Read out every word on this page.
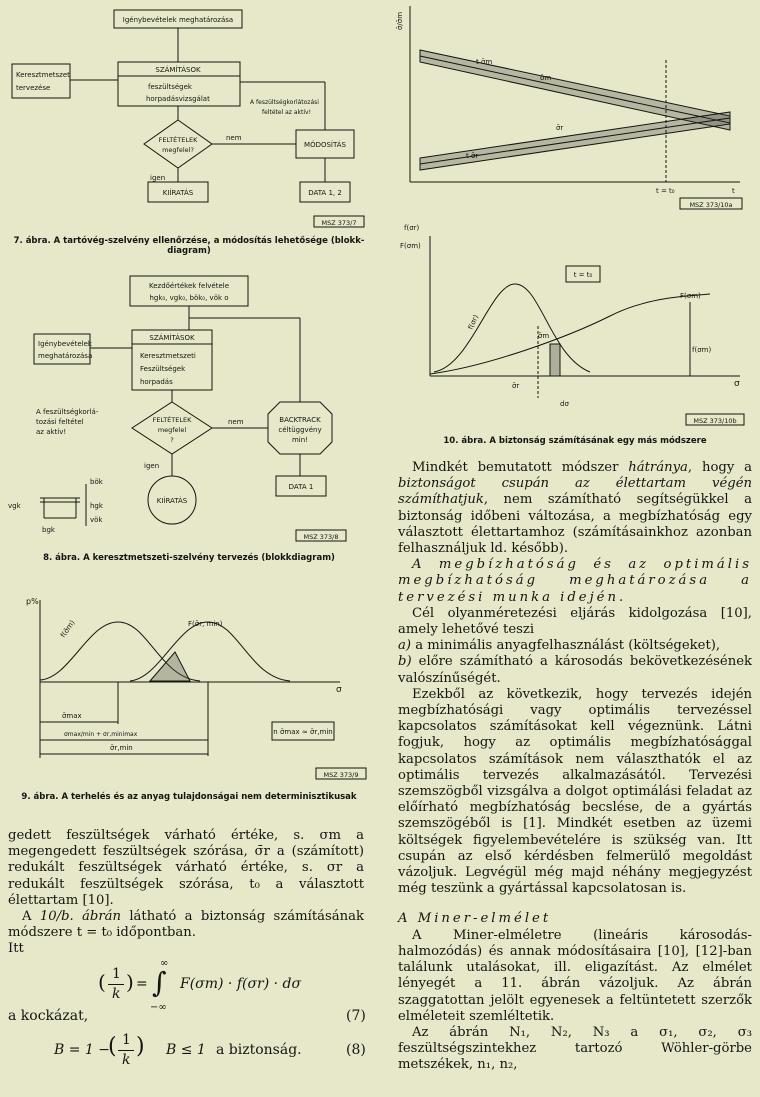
Igénybevételek meghatározása
Keresztmetszet
tervezése
SZÁMÍTÁSOK
feszültségek
horpadásvizsgálat
FELTÉTELEK
megfelel?
nem
MÓDOSÍTÁS
A feszültségkorlátozási
feltétel az aktív!
igen
KIÍRATÁS	DATA 1, 2
MSZ 373/7
7. ábra. A tartóvég-szelvény ellenőrzése, a módosítás lehetősége (blokk-diagram)
Kezdőértékek felvétele
hgk₀, vgk₀, bök₀, vök o
Igénybevételek
meghatározása
SZÁMÍTÁSOK
Keresztmetszeti
Feszültségek
horpadás
FELTÉTELEK
megfelel
?
A feszültségkorlá-
tozási feltétel
az aktív!
nem	BACKTRACK
céltüggvény
min!
DATA 1
igen
KIÍRATÁS
vgk	hgk
vök
bök
bgk
MSZ 373/8
8. ábra. A keresztmetszeti-szelvény tervezés (blokkdiagram)
p%
σ
f(σ̄m)	F(σ̄r, min)
σ̄max
σmax/min + σr,minimax
σ̄r,min
n σ̄max ≈ σ̄r,min
MSZ 373/9
9. ábra. A terhelés és az anyag tulajdonságai nem determinisztikusak
σ̄/σ̄m
t σ̄m
σ̄m
σ̄r
t σ̄r
t = t₀	t
MSZ 373/10a
f(σr)
F(σm)
σ
t = t₀
f(σr)
F(σm)
σ̄m
σ̄r
f(σm)
dσ
MSZ 373/10b
10. ábra. A biztonság számításának egy más módszere

gedett feszültségek várható értéke, s. σm a megengedett feszültségek szórása, σ̄r a (számított) redukált feszültségek várható értéke, s. σr a redukált feszültségek szórása, t₀ a választott élettartam [10].

A 10/b. ábrán látható a biztonság számításának módszere t = t₀ időpontban.

Itt

( 1
k ) =
∞
∫
−∞
F(σm) · f(σr) · dσ
a kockázat,	(7)
B = 1 −
( 1
k
) B ≤ 1 a biztonság.	(8)

Mindkét bemutatott módszer hátránya, hogy a biztonságot csupán az élettartam végén számíthatjuk, nem számítható segítségükkel a biztonság időbeni változása, a megbízhatóság egy választott élettartamhoz (számításainkhoz azonban felhasználjuk ld. később).

A megbízhatóság és az optimális megbízhatóság meghatározása a tervezési munka idején.

Cél olyanméretezési eljárás kidolgozása [10], amely lehetővé teszi

a) a minimális anyagfelhasználást (költségeket),

b) előre számítható a károsodás bekövetkezésének valószínűségét.

Ezekből az következik, hogy tervezés idején megbízhatósági vagy optimális tervezéssel kapcsolatos számításokat kell végeznünk. Látni fogjuk, hogy az optimális megbízhatósággal kapcsolatos számítások nem választhatók el az optimális tervezés alkalmazásától. Tervezési szemszögből vizsgálva a dolgot optimálási feladat az előírható megbízhatóság becslése, de a gyártás szemszögéből is [1]. Mindkét esetben az üzemi költségek figyelembevételére is szükség van. Itt csupán az első kérdésben felmerülő megoldást vázoljuk. Legvégül még majd néhány megjegyzést még teszünk a gyártással kapcsolatosan is.

A Miner-elmélet

A Miner-elméletre (lineáris károsodás-halmozódás) és annak módosításaira [10], [12]-ban találunk utalásokat, ill. eligazítást. Az elmélet lényegét a 11. ábrán vázoljuk. Az ábrán szaggatottan jelölt egyenesek a feltüntetett szerzők elméleteit szemléltetik.

Az ábrán N₁, N₂, N₃ a σ₁, σ₂, σ₃ feszültségszintekhez tartozó Wöhler-görbe metszékek, n₁, n₂,
